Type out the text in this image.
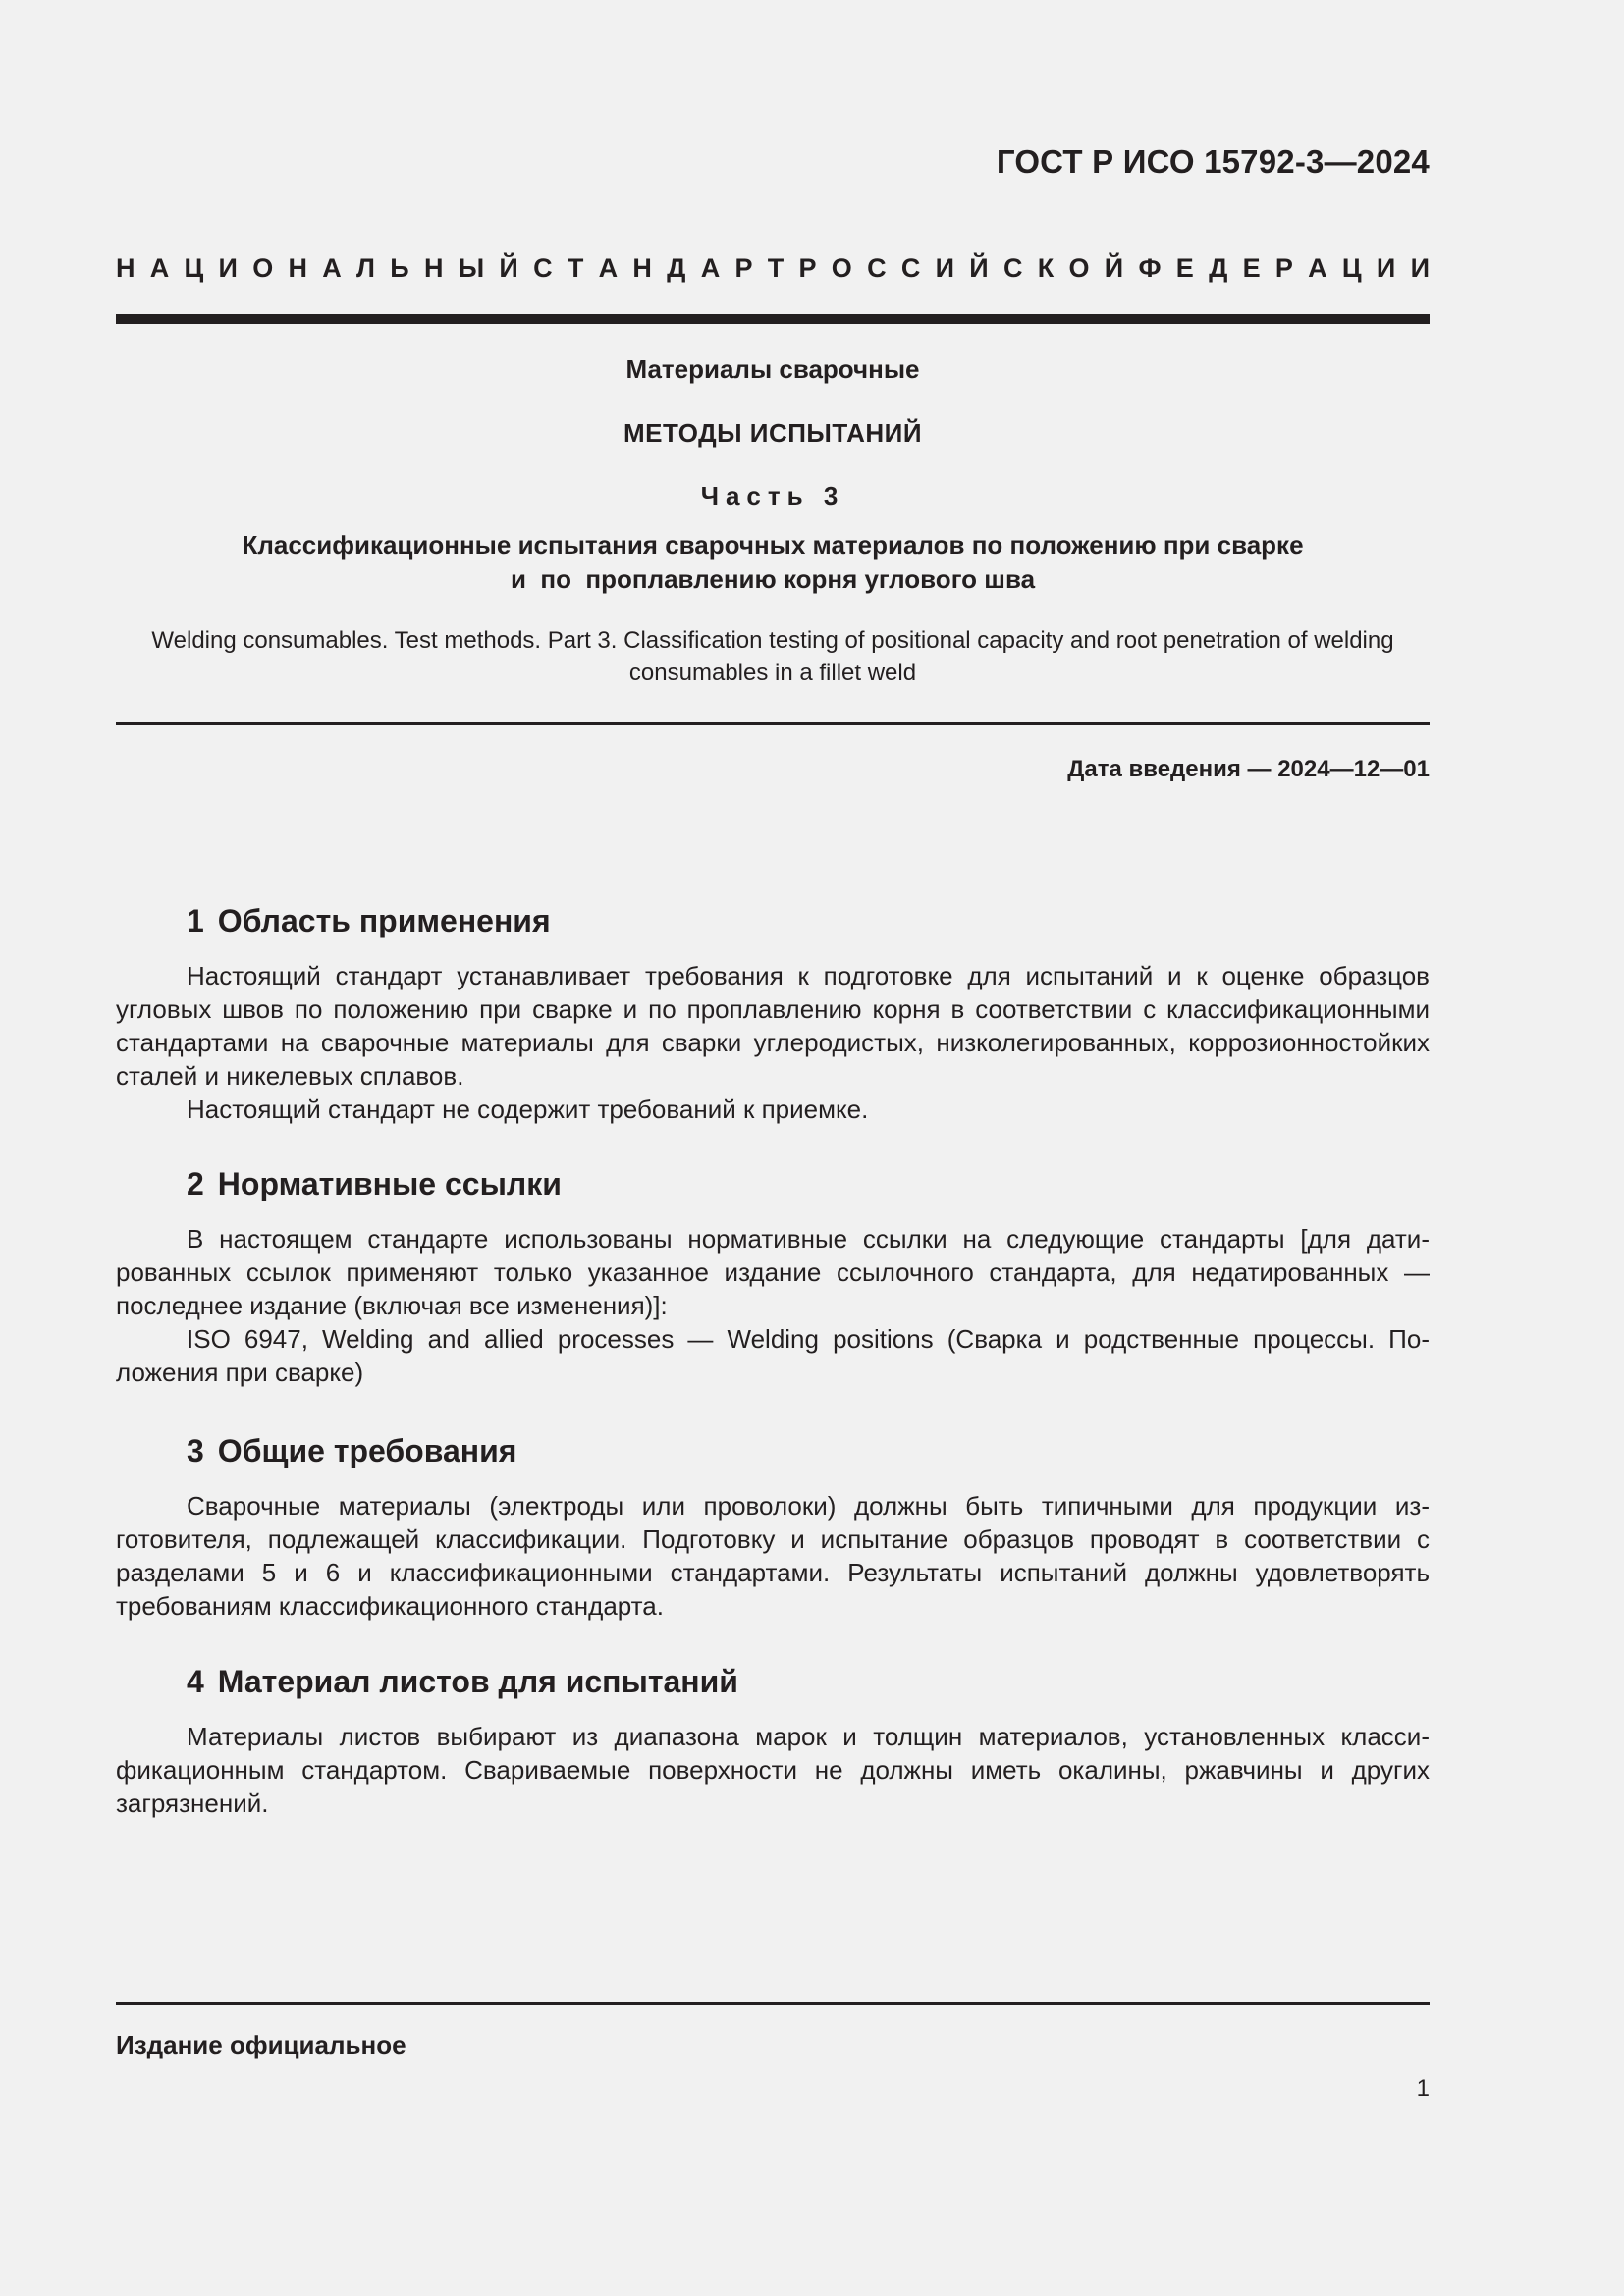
ГОСТ Р ИСО 15792-3—2024
Н А Ц И О Н А Л Ь Н Ы Й С Т А Н Д А Р Т Р О С С И Й С К О Й Ф Е Д Е Р А Ц И И
Материалы сварочные
МЕТОДЫ ИСПЫТАНИЙ
Часть 3
Классификационные испытания сварочных материалов по положению при сварке
и  по  проплавлению корня углового шва
Welding consumables. Test methods. Part 3. Classification testing of positional capacity and root penetration of welding
consumables in a fillet weld
Дата введения — 2024—12—01
1 Область применения

Настоящий стандарт устанавливает требования к подготовке для испытаний и к оценке образцов угловых швов по положению при сварке и по проплавлению корня в соответствии с классификационными стандартами на сварочные материалы для сварки углеродистых, низколегированных, коррозионностойких сталей и никелевых сплавов.

Настоящий стандарт не содержит требований к приемке.

2 Нормативные ссылки

В настоящем стандарте использованы нормативные ссылки на следующие стандарты [для датированных ссылок применяют только указанное издание ссылочного стандарта, для недатированных — последнее издание (включая все изменения)]:

ISO 6947, Welding and allied processes — Welding positions (Сварка и родственные процессы. Положения при сварке)

3 Общие требования

Сварочные материалы (электроды или проволоки) должны быть типичными для продукции изготовителя, подлежащей классификации. Подготовку и испытание образцов проводят в соответствии с разделами 5 и 6 и классификационными стандартами. Результаты испытаний должны удовлетворять требованиям классификационного стандарта.

4 Материал листов для испытаний

Материалы листов выбирают из диапазона марок и толщин материалов, установленных классификационным стандартом. Свариваемые поверхности не должны иметь окалины, ржавчины и других загрязнений.

Издание официальное
1
